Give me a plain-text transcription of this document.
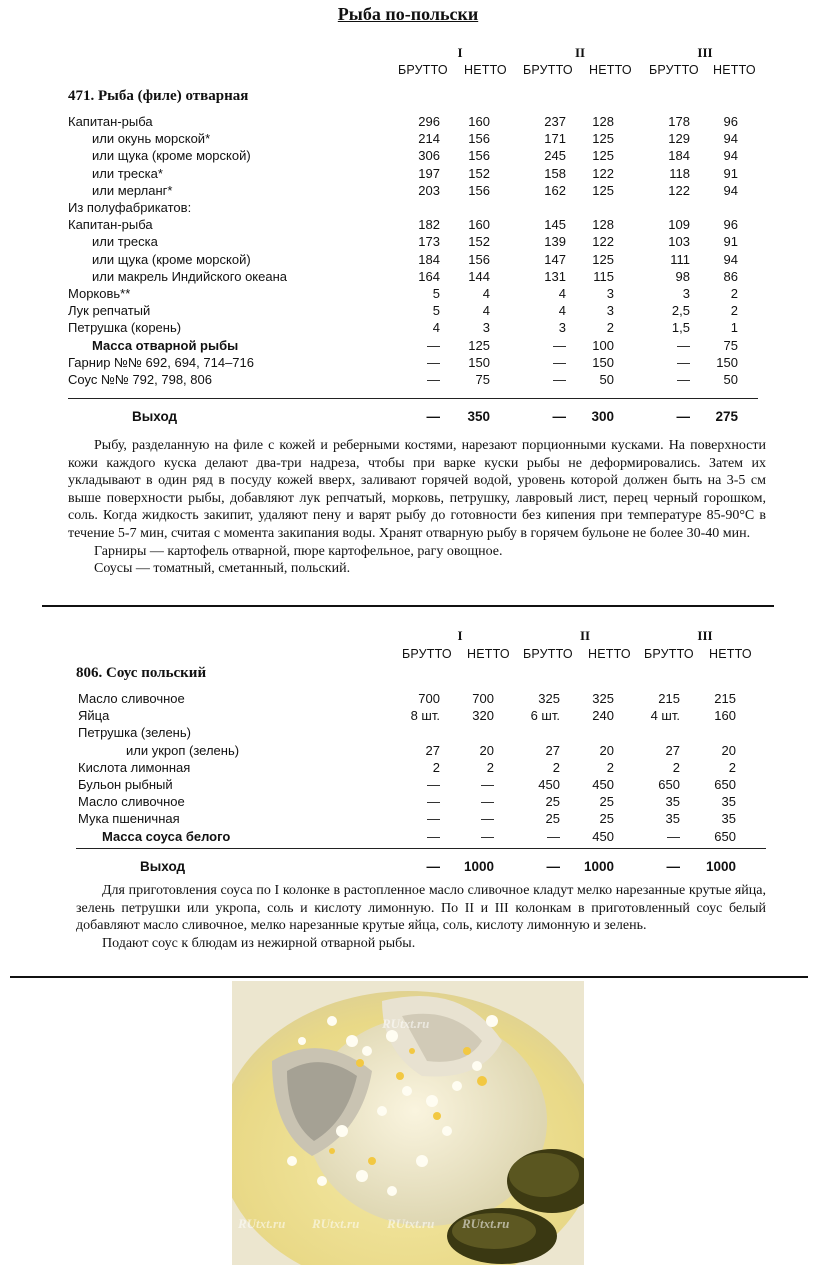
Рыба по-польски
I	II	III
БРУТТО НЕТТО БРУТТО НЕТТО БРУТТО НЕТТО
471. Рыба (филе) отварная
Капитан-рыба	296	160	237	128	178	96
или окунь морской*	214	156	171	125	129	94
или щука (кроме морской)	306	156	245	125	184	94
или треска*	197	152	158	122	118	91
или мерланг*	203	156	162	125	122	94
Из полуфабрикатов:
Капитан-рыба	182	160	145	128	109	96
или треска	173	152	139	122	103	91
или щука (кроме морской)	184	156	147	125	111	94
или макрель Индийского океана	164	144	131	115	98	86
Морковь**	5	4	4	3	3	2
Лук репчатый	5	4	4	3	2,5	2
Петрушка (корень)	4	3	3	2	1,5	1
Масса отварной рыбы	—	125	—	100	—	75
Гарнир №№ 692, 694, 714–716	—	150	—	150	—	150
Соус №№ 792, 798, 806	—	75	—	50	—	50
Выход	—	350	—	300	—	275

Рыбу, разделанную на филе с кожей и реберными костями, нарезают порционными кусками. На поверхности кожи каждого куска делают два-три надреза, чтобы при варке куски рыбы не деформировались. Затем их укладывают в один ряд в посуду кожей вверх, заливают горячей водой, уровень которой должен быть на 3-5 см выше поверхности рыбы, добавляют лук репчатый, морковь, петрушку, лавровый лист, перец черный горошком, соль. Когда жидкость закипит, удаляют пену и варят рыбу до готовности без кипения при температуре 85-90°С в течение 5-7 мин, считая с момента закипания воды. Хранят отварную рыбу в горячем бульоне не более 30-40 мин.

Гарниры — картофель отварной, пюре картофельное, рагу овощное.

Соусы — томатный, сметанный, польский.

I	II	III
БРУТТО НЕТТО БРУТТО НЕТТО БРУТТО НЕТТО
806. Соус польский
Масло сливочное	700	700	325	325	215	215
Яйца	8 шт.	320	6 шт.	240	4 шт.	160
Петрушка (зелень)
или укроп (зелень)	27	20	27	20	27	20
Кислота лимонная	2	2	2	2	2	2
Бульон рыбный	—	—	450	450	650	650
Масло сливочное	—	—	25	25	35	35
Мука пшеничная	—	—	25	25	35	35
Масса соуса белого	—	—	—	450	—	650
Выход	—	1000	—	1000	—	1000

Для приготовления соуса по I колонке в растопленное масло сливочное кладут мелко нарезанные крутые яйца, зелень петрушки или укропа, соль и кислоту лимонную. По II и III колонкам в приготовленный соус белый добавляют масло сливочное, мелко нарезанные крутые яйца, соль, кислоту лимонную и зелень.

Подают соус к блюдам из нежирной отварной рыбы.

RUtxt.ru
RUtxt.ru RUtxt.ru RUtxt.ru RUtxt.ru
